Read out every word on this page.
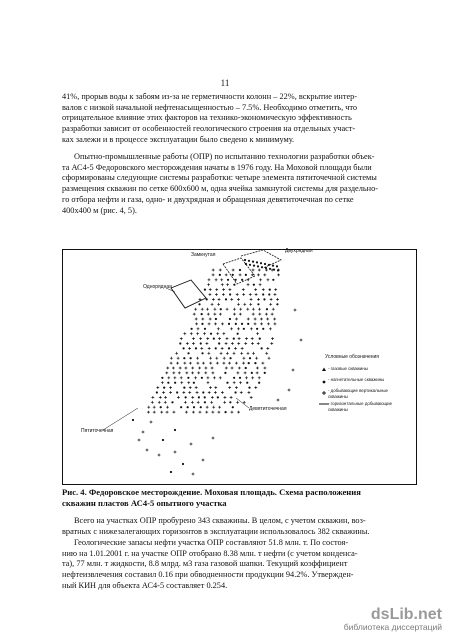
11
41%, прорыв воды к забоям из-за не герметичности колонн – 22%, вскрытие интер-
валов с низкой начальной нефтенасыщенностью – 7.5%. Необходимо отметить, что
отрицательное влияние этих факторов на технико-экономическую эффективность
разработки зависит от особенностей геологического строения на отдельных участ-
ках залежи и в процессе эксплуатации было сведено к минимуму.
Опытно-промышленные работы (ОПР) по испытанию технологии разработки объек-
та АС4-5 Федоровского месторождения начаты в 1976 году. На Моховой площади были
сформированы следующие системы разработки: четыре элемента пятиточечной системы
размещения скважин по сетке 600х600 м, одна ячейка замкнутой системы для раздельно-
го отбора нефти и газа, одно- и двухрядная и обращенная девятиточечная по сетке
400х400 м (рис. 4, 5).
Двухрядная
Замкнутая
Однорядная
Девятиточечная
Пятиточечная
Условные обозначения
- газовые скважины
- нагнетательные скважины
- добывающие вертикальные скважины
- горизонтальные добывающие скважины
Рис. 4. Федоровское месторождение. Моховая площадь. Схема расположения
скважин пластов АС4-5 опытного участка
Всего на участках ОПР пробурено 343 скважины. В целом, с учетом скважин, воз-
вратных с нижезалегающих горизонтов в эксплуатации использовалось 382 скважины.
Геологические запасы нефти участка ОПР составляют 51.8 млн. т. По состоя-
нию на 1.01.2001 г. на участке ОПР отобрано 8.38 млн. т нефти (с учетом конденса-
та), 77 млн. т жидкости, 8.8 млрд. м3 газа газовой шапки. Текущий коэффициент
нефтеизвлечения составил 0.16 при обводненности продукции 94.2%. Утвержден-
ный КИН для объекта АС4-5 составляет 0.254.
dsLib.net
библиотека диссертаций
